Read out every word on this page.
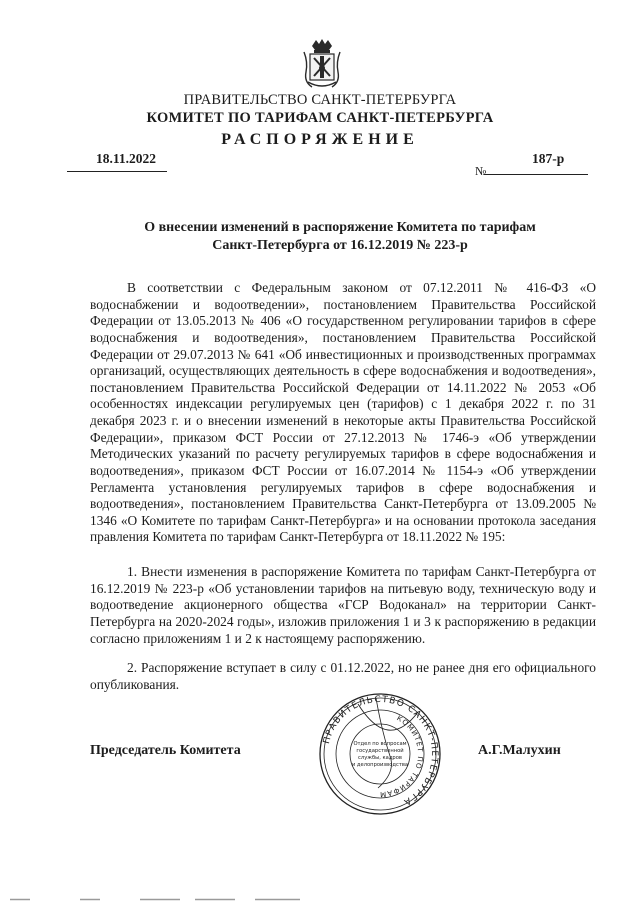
ПРАВИТЕЛЬСТВО САНКТ-ПЕТЕРБУРГА
КОМИТЕТ ПО ТАРИФАМ САНКТ-ПЕТЕРБУРГА
РАСПОРЯЖЕНИЕ
18.11.2022
№
187-р
О внесении изменений в распоряжение Комитета по тарифам
Санкт-Петербурга от 16.12.2019 № 223-р

В соответствии с Федеральным законом от 07.12.2011 № 416-ФЗ «О водоснабжении и водоотведении», постановлением Правительства Российской Федерации от 13.05.2013 № 406 «О государственном регулировании тарифов в сфере водоснабжения и водоотведения», постановлением Правительства Российской Федерации от 29.07.2013 № 641 «Об инвестиционных и производственных программах организаций, осуществляющих деятельность в сфере водоснабжения и водоотведения», постановлением Правительства Российской Федерации от 14.11.2022 № 2053 «Об особенностях индексации регулируемых цен (тарифов) с 1 декабря 2022 г. по 31 декабря 2023 г. и о внесении изменений в некоторые акты Правительства Российской Федерации», приказом ФСТ России от 27.12.2013 № 1746-э «Об утверждении Методических указаний по расчету регулируемых тарифов в сфере водоснабжения и водоотведения», приказом ФСТ России от 16.07.2014 № 1154-э «Об утверждении Регламента установления регулируемых тарифов в сфере водоснабжения и водоотведения», постановлением Правительства Санкт-Петербурга от 13.09.2005 № 1346 «О Комитете по тарифам Санкт-Петербурга» и на основании протокола заседания правления Комитета по тарифам Санкт-Петербурга от 18.11.2022 № 195:

1. Внести изменения в распоряжение Комитета по тарифам Санкт-Петербурга от 16.12.2019 № 223-р «Об установлении тарифов на питьевую воду, техническую воду и водоотведение акционерного общества «ГСР Водоканал» на территории Санкт-Петербурга на 2020-2024 годы», изложив приложения 1 и 3 к распоряжению в редакции согласно приложениям 1 и 2 к настоящему распоряжению.

2. Распоряжение вступает в силу с 01.12.2022, но не ранее дня его официального опубликования.

ПРАВИТЕЛЬСТВО САНКТ-ПЕТЕРБУРГА
КОМИТЕТ ПО ТАРИФАМ
Отдел по вопросам
государственной
службы, кадров
и делопроизводства
Председатель Комитета	А.Г.Малухин
